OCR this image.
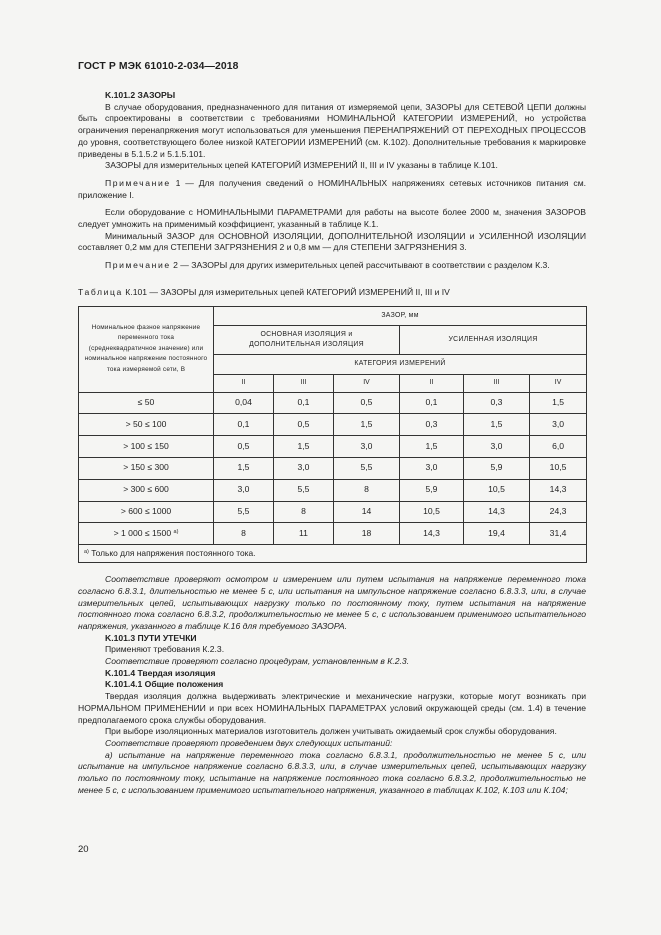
ГОСТ Р МЭК 61010-2-034—2018

K.101.2 ЗАЗОРЫ

В случае оборудования, предназначенного для питания от измеряемой цепи, ЗАЗОРЫ для СЕТЕВОЙ ЦЕПИ должны быть спроектированы в соответствии с требованиями НОМИНАЛЬНОЙ КАТЕГОРИИ ИЗМЕРЕНИЙ, но устройства ограничения перенапряжения могут использоваться для уменьшения ПЕРЕНАПРЯЖЕНИЙ ОТ ПЕРЕХОДНЫХ ПРОЦЕССОВ до уровня, соответствующего более низкой КАТЕГОРИИ ИЗМЕРЕНИЙ (см. К.102). Дополнительные требования к маркировке приведены в 5.1.5.2 и 5.1.5.101.

ЗАЗОРЫ для измерительных цепей КАТЕГОРИЙ ИЗМЕРЕНИЙ II, III и IV указаны в таблице К.101.

Примечание 1 — Для получения сведений о НОМИНАЛЬНЫХ напряжениях сетевых источников питания см. приложение I.

Если оборудование с НОМИНАЛЬНЫМИ ПАРАМЕТРАМИ для работы на высоте более 2000 м, значения ЗАЗОРОВ следует умножить на применимый коэффициент, указанный в таблице К.1.

Минимальный ЗАЗОР для ОСНОВНОЙ ИЗОЛЯЦИИ, ДОПОЛНИТЕЛЬНОЙ ИЗОЛЯЦИИ и УСИЛЕННОЙ ИЗОЛЯЦИИ составляет 0,2 мм для СТЕПЕНИ ЗАГРЯЗНЕНИЯ 2 и 0,8 мм — для СТЕПЕНИ ЗАГРЯЗНЕНИЯ 3.

Примечание 2 — ЗАЗОРЫ для других измерительных цепей рассчитывают в соответствии с разделом К.3.

Таблица К.101 — ЗАЗОРЫ для измерительных цепей КАТЕГОРИЙ ИЗМЕРЕНИЙ II, III и IV

Номинальное фазное напряжение переменного тока (среднеквадратичное значение) или номинальное напряжение постоянного тока измеряемой сети, В	ЗАЗОР, мм					
	ОСНОВНАЯ ИЗОЛЯЦИЯ и ДОПОЛНИТЕЛЬНАЯ ИЗОЛЯЦИЯ			УСИЛЕННАЯ ИЗОЛЯЦИЯ		
	КАТЕГОРИЯ ИЗМЕРЕНИЙ					
	II	III	IV	II	III	IV
≤ 50	0,04	0,1	0,5	0,1	0,3	1,5
> 50 ≤ 100	0,1	0,5	1,5	0,3	1,5	3,0
> 100 ≤ 150	0,5	1,5	3,0	1,5	3,0	6,0
> 150 ≤ 300	1,5	3,0	5,5	3,0	5,9	10,5
> 300 ≤ 600	3,0	5,5	8	5,9	10,5	14,3
> 600 ≤ 1000	5,5	8	14	10,5	14,3	24,3
> 1 000 ≤ 1500 $^{a)}$	8	11	18	14,3	19,4	31,4
$^{a)}$ Только для напряжения постоянного тока.						

Соответствие проверяют осмотром и измерением или путем испытания на напряжение переменного тока согласно 6.8.3.1, длительностью не менее 5 с, или испытания на импульсное напряжение согласно 6.8.3.3, или, в случае измерительных цепей, испытывающих нагрузку только по постоянному току, путем испытания на напряжение постоянного тока согласно 6.8.3.2, продолжительностью не менее 5 с, с использованием применимого испытательного напряжения, указанного в таблице К.16 для требуемого ЗАЗОРА.

K.101.3 ПУТИ УТЕЧКИ

Применяют требования К.2.3.

Соответствие проверяют согласно процедурам, установленным в К.2.3.

K.101.4 Твердая изоляция

K.101.4.1 Общие положения

Твердая изоляция должна выдерживать электрические и механические нагрузки, которые могут возникать при НОРМАЛЬНОМ ПРИМЕНЕНИИ и при всех НОМИНАЛЬНЫХ ПАРАМЕТРАХ условий окружающей среды (см. 1.4) в течение предполагаемого срока службы оборудования.

При выборе изоляционных материалов изготовитель должен учитывать ожидаемый срок службы оборудования.

Соответствие проверяют проведением двух следующих испытаний:

а) испытание на напряжение переменного тока согласно 6.8.3.1, продолжительностью не менее 5 с, или испытание на импульсное напряжение согласно 6.8.3.3, или, в случае измерительных цепей, испытывающих нагрузку только по постоянному току, испытание на напряжение постоянного тока согласно 6.8.3.2, продолжительностью не менее 5 с, с использованием применимого испытательного напряжения, указанного в таблицах К.102, К.103 или К.104;

20
